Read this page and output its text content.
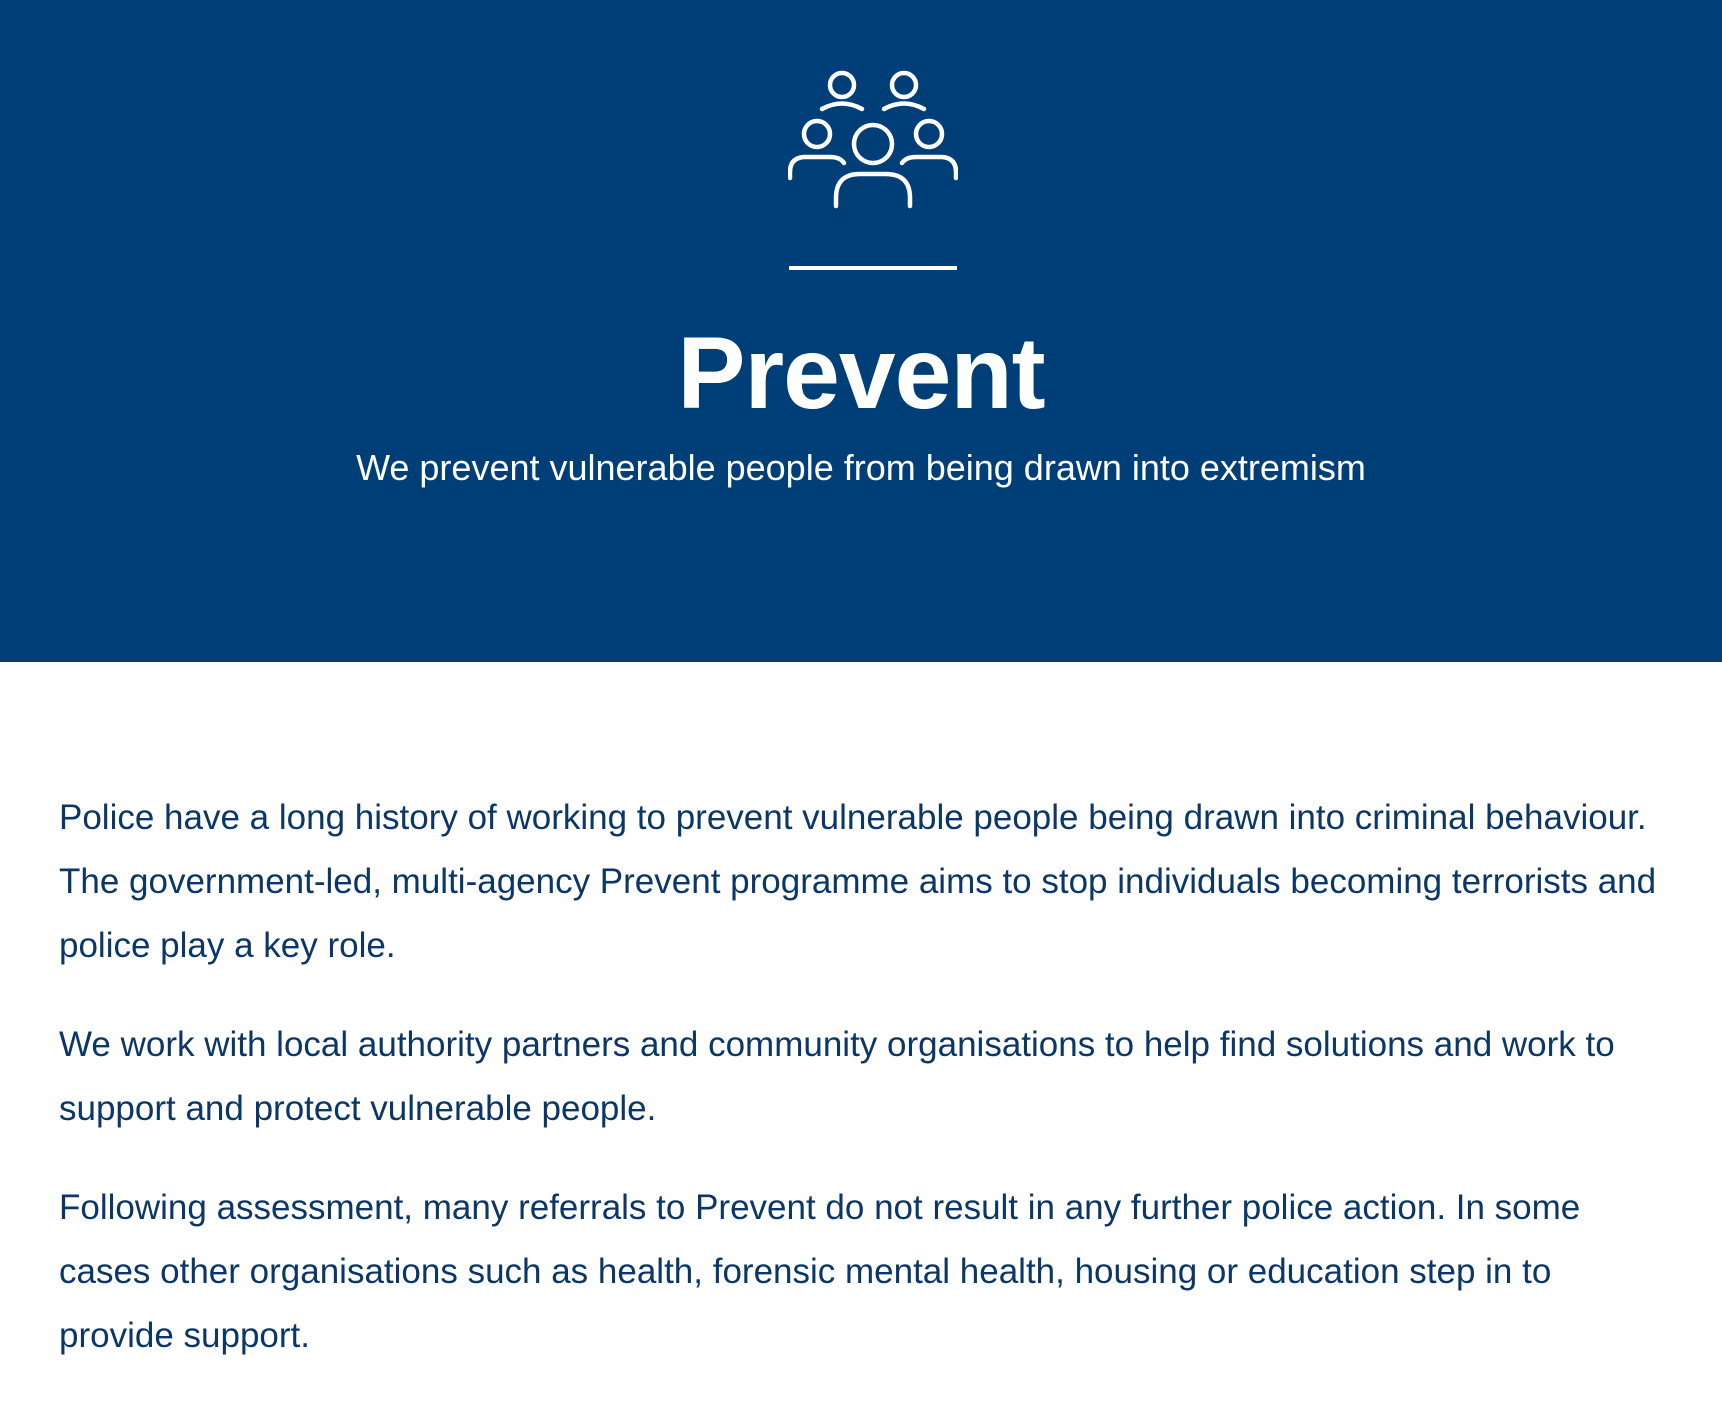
Prevent

We prevent vulnerable people from being drawn into extremism

Police have a long history of working to prevent vulnerable people being drawn into criminal behaviour. The government-led, multi-agency Prevent programme aims to stop individuals becoming terrorists and police play a key role.

We work with local authority partners and community organisations to help find solutions and work to support and protect vulnerable people.

Following assessment, many referrals to Prevent do not result in any further police action. In some cases other organisations such as health, forensic mental health, housing or education step in to provide support.
